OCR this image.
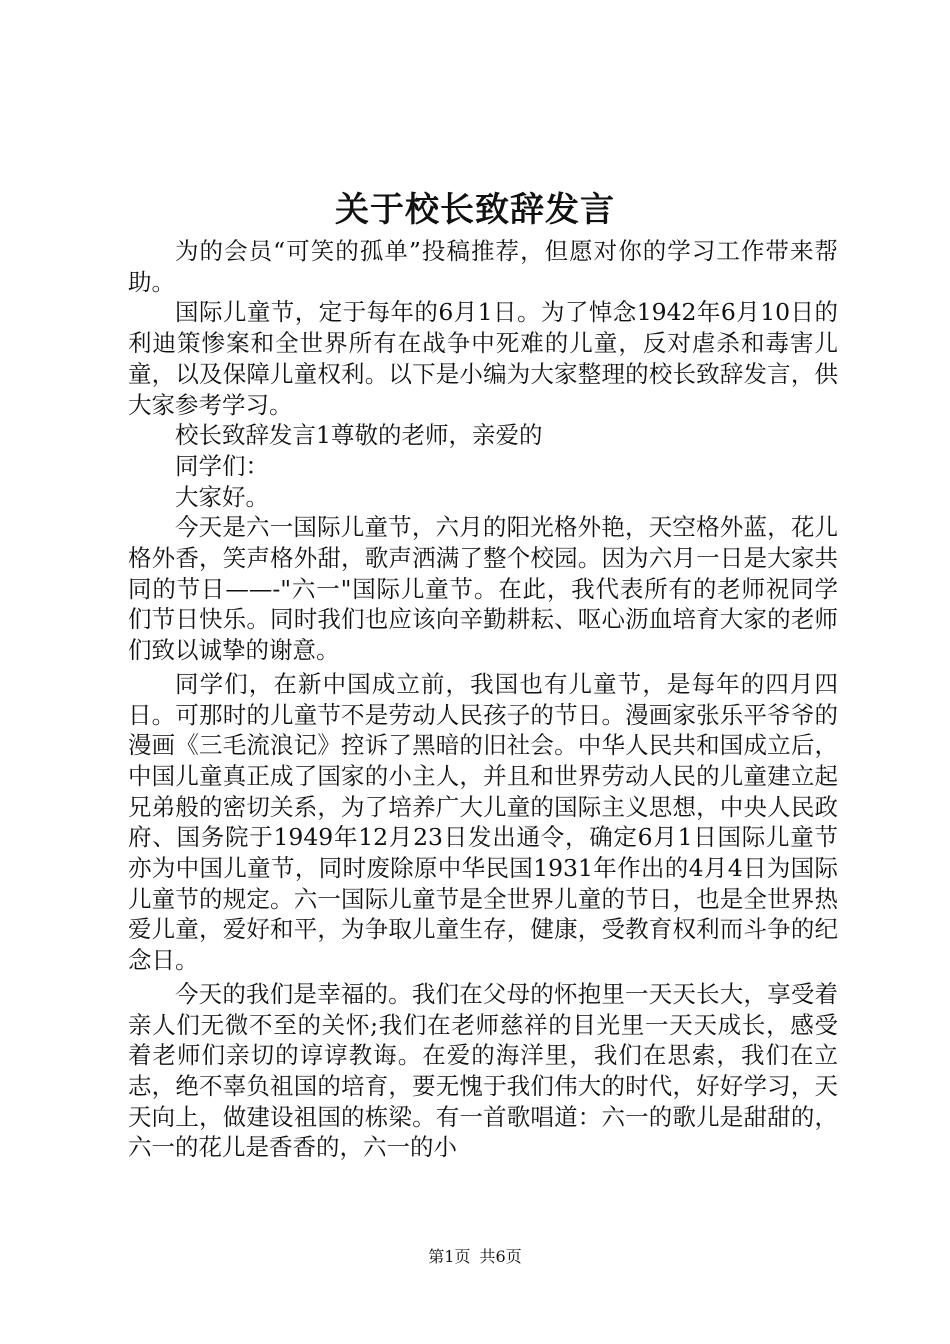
关于校长致辞发言

为的会员“可笑的孤单”投稿推荐，但愿对你的学习工作带来帮助。

国际儿童节，定于每年的6月1日。为了悼念1942年6月10日的利迪策惨案和全世界所有在战争中死难的儿童，反对虐杀和毒害儿童，以及保障儿童权利。以下是小编为大家整理的校长致辞发言，供大家参考学习。

校长致辞发言1尊敬的老师，亲爱的

同学们：

大家好。

今天是六一国际儿童节，六月的阳光格外艳，天空格外蓝，花儿格外香，笑声格外甜，歌声洒满了整个校园。因为六月一日是大家共同的节日——-"六一"国际儿童节。在此，我代表所有的老师祝同学们节日快乐。同时我们也应该向辛勤耕耘、呕心沥血培育大家的老师们致以诚挚的谢意。

同学们，在新中国成立前，我国也有儿童节，是每年的四月四日。可那时的儿童节不是劳动人民孩子的节日。漫画家张乐平爷爷的漫画《三毛流浪记》控诉了黑暗的旧社会。中华人民共和国成立后，中国儿童真正成了国家的小主人，并且和世界劳动人民的儿童建立起兄弟般的密切关系，为了培养广大儿童的国际主义思想，中央人民政府、国务院于1949年12月23日发出通令，确定6月1日国际儿童节亦为中国儿童节，同时废除原中华民国1931年作出的4月4日为国际儿童节的规定。六一国际儿童节是全世界儿童的节日，也是全世界热爱儿童，爱好和平，为争取儿童生存，健康，受教育权利而斗争的纪念日。

今天的我们是幸福的。我们在父母的怀抱里一天天长大，享受着亲人们无微不至的关怀;我们在老师慈祥的目光里一天天成长，感受着老师们亲切的谆谆教诲。在爱的海洋里，我们在思索，我们在立志，绝不辜负祖国的培育，要无愧于我们伟大的时代，好好学习，天天向上，做建设祖国的栋梁。有一首歌唱道：六一的歌儿是甜甜的，六一的花儿是香香的，六一的小

第1页 共6页
